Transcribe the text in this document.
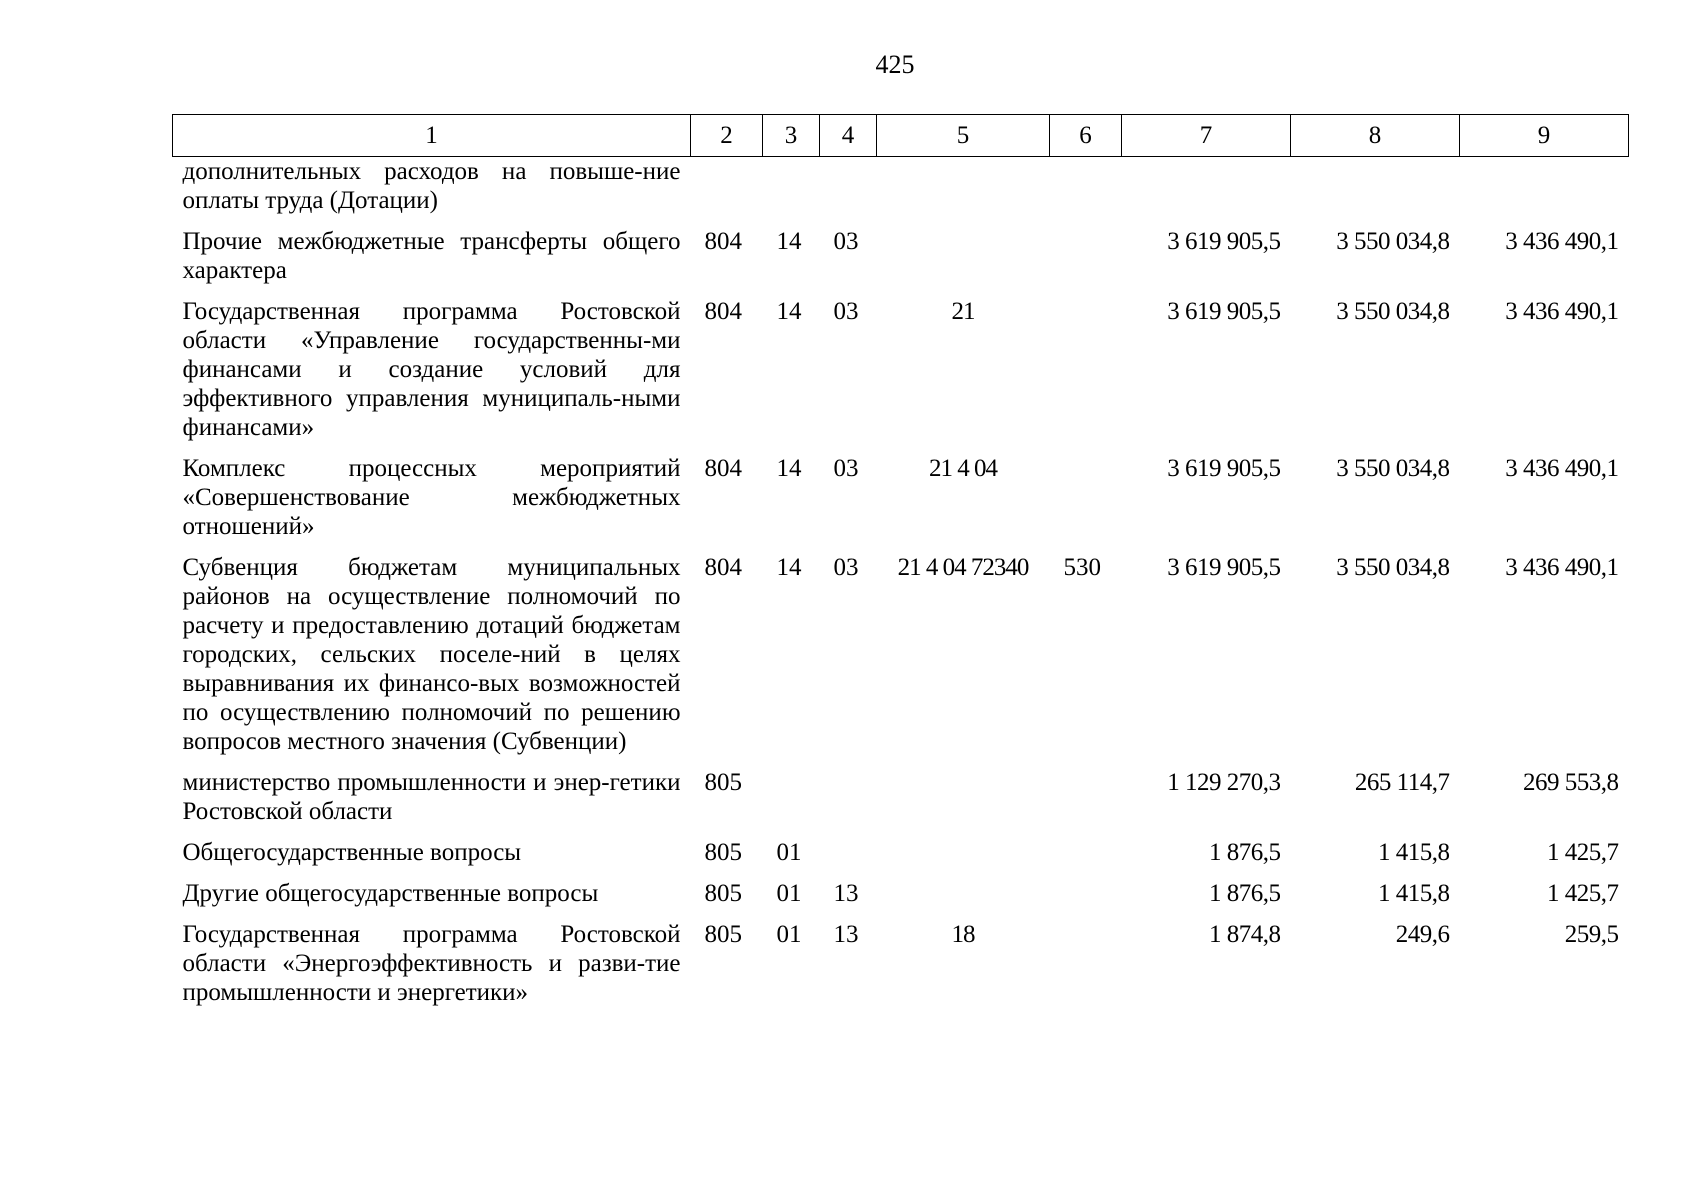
425
1	2	3	4	5	6	7	8	9
дополнительных расходов на повыше-ние оплаты труда (Дотации)								
Прочие межбюджетные трансферты общего характера	804	14	03			3 619 905,5	3 550 034,8	3 436 490,1
Государственная программа Ростовской области «Управление государственны-ми финансами и создание условий для эффективного управления муниципаль-ными финансами»	804	14	03	21		3 619 905,5	3 550 034,8	3 436 490,1
Комплекс процессных мероприятий «Совершенствование межбюджетных отношений»	804	14	03	21 4 04		3 619 905,5	3 550 034,8	3 436 490,1
Субвенция бюджетам муниципальных районов на осуществление полномочий по расчету и предоставлению дотаций бюджетам городских, сельских поселе-ний в целях выравнивания их финансо-вых возможностей по осуществлению полномочий по решению вопросов местного значения (Субвенции)	804	14	03	21 4 04 72340	530	3 619 905,5	3 550 034,8	3 436 490,1
министерство промышленности и энер-гетики Ростовской области	805					1 129 270,3	265 114,7	269 553,8
Общегосударственные вопросы	805	01				1 876,5	1 415,8	1 425,7
Другие общегосударственные вопросы	805	01	13			1 876,5	1 415,8	1 425,7
Государственная программа Ростовской области «Энергоэффективность и разви-тие промышленности и энергетики»	805	01	13	18		1 874,8	249,6	259,5
